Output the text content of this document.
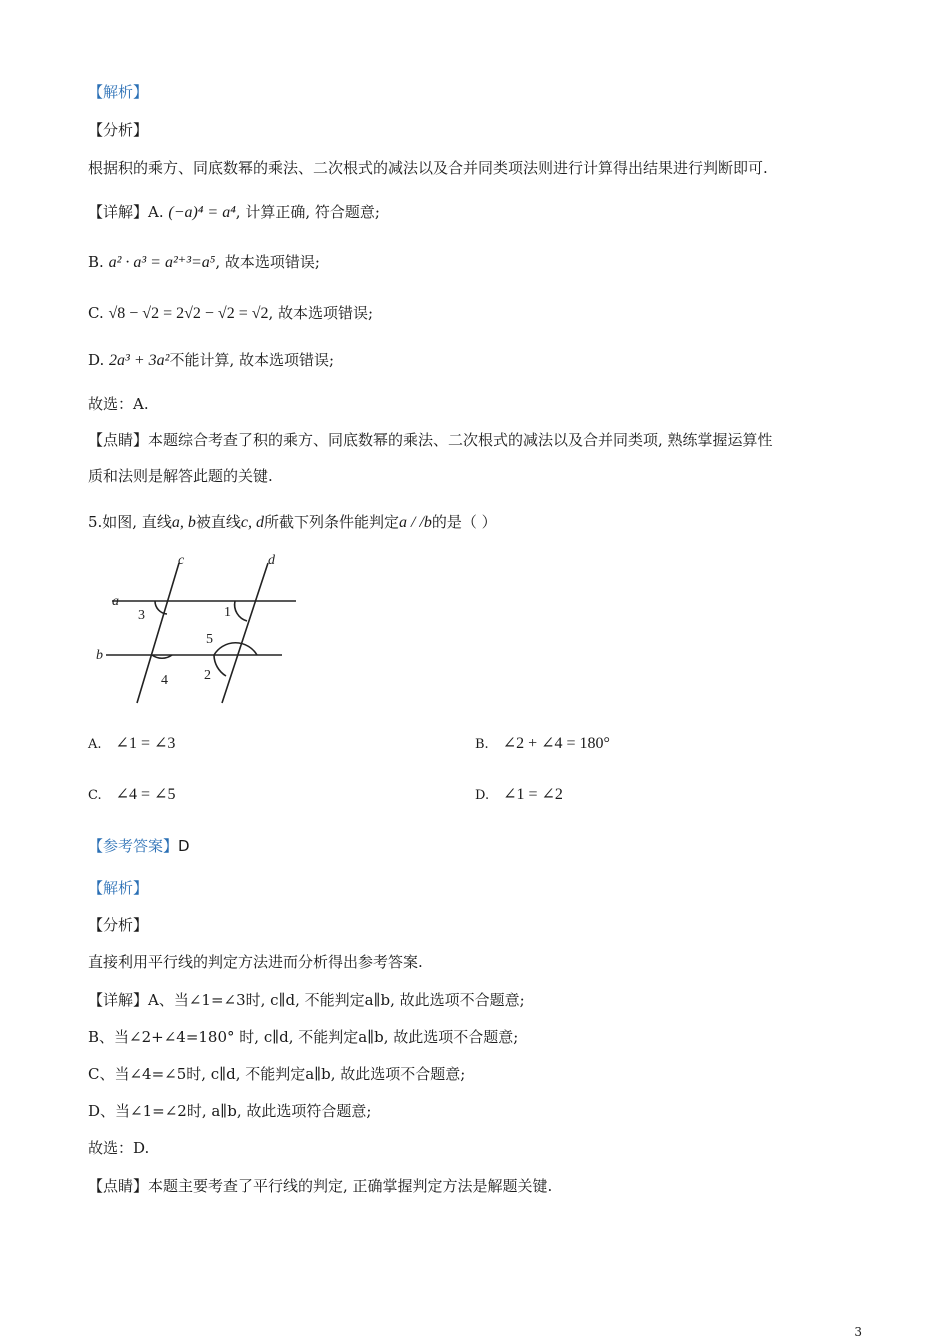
【解析】
【分析】
根据积的乘方、同底数幂的乘法、二次根式的减法以及合并同类项法则进行计算得出结果进行判断即可.
【详解】A. (−a)⁴ = a⁴, 计算正确, 符合题意;
B. a² · a³ = a²⁺³=a⁵, 故本选项错误;
C. √8 − √2 = 2√2 − √2 = √2, 故本选项错误;
D. 2a³ + 3a²不能计算, 故本选项错误;
故选：A.
【点睛】本题综合考查了积的乘方、同底数幂的乘法、二次根式的减法以及合并同类项, 熟练掌握运算性
质和法则是解答此题的关键.
5.如图, 直线a, b被直线c, d所截下列条件能判定a / /b的是（ ）
a
b
c	d
1
2
3
4
5
A. ∠1 = ∠3	B. ∠2 + ∠4 = 180°
C. ∠4 = ∠5	D. ∠1 = ∠2
【参考答案】D
【解析】
【分析】
直接利用平行线的判定方法进而分析得出参考答案.
【详解】A、当∠1=∠3时, c∥d, 不能判定a∥b, 故此选项不合题意;
B、当∠2+∠4=180° 时, c∥d, 不能判定a∥b, 故此选项不合题意;
C、当∠4=∠5时, c∥d, 不能判定a∥b, 故此选项不合题意;
D、当∠1=∠2时, a∥b, 故此选项符合题意;
故选：D.
【点睛】本题主要考查了平行线的判定, 正确掌握判定方法是解题关键.
3
